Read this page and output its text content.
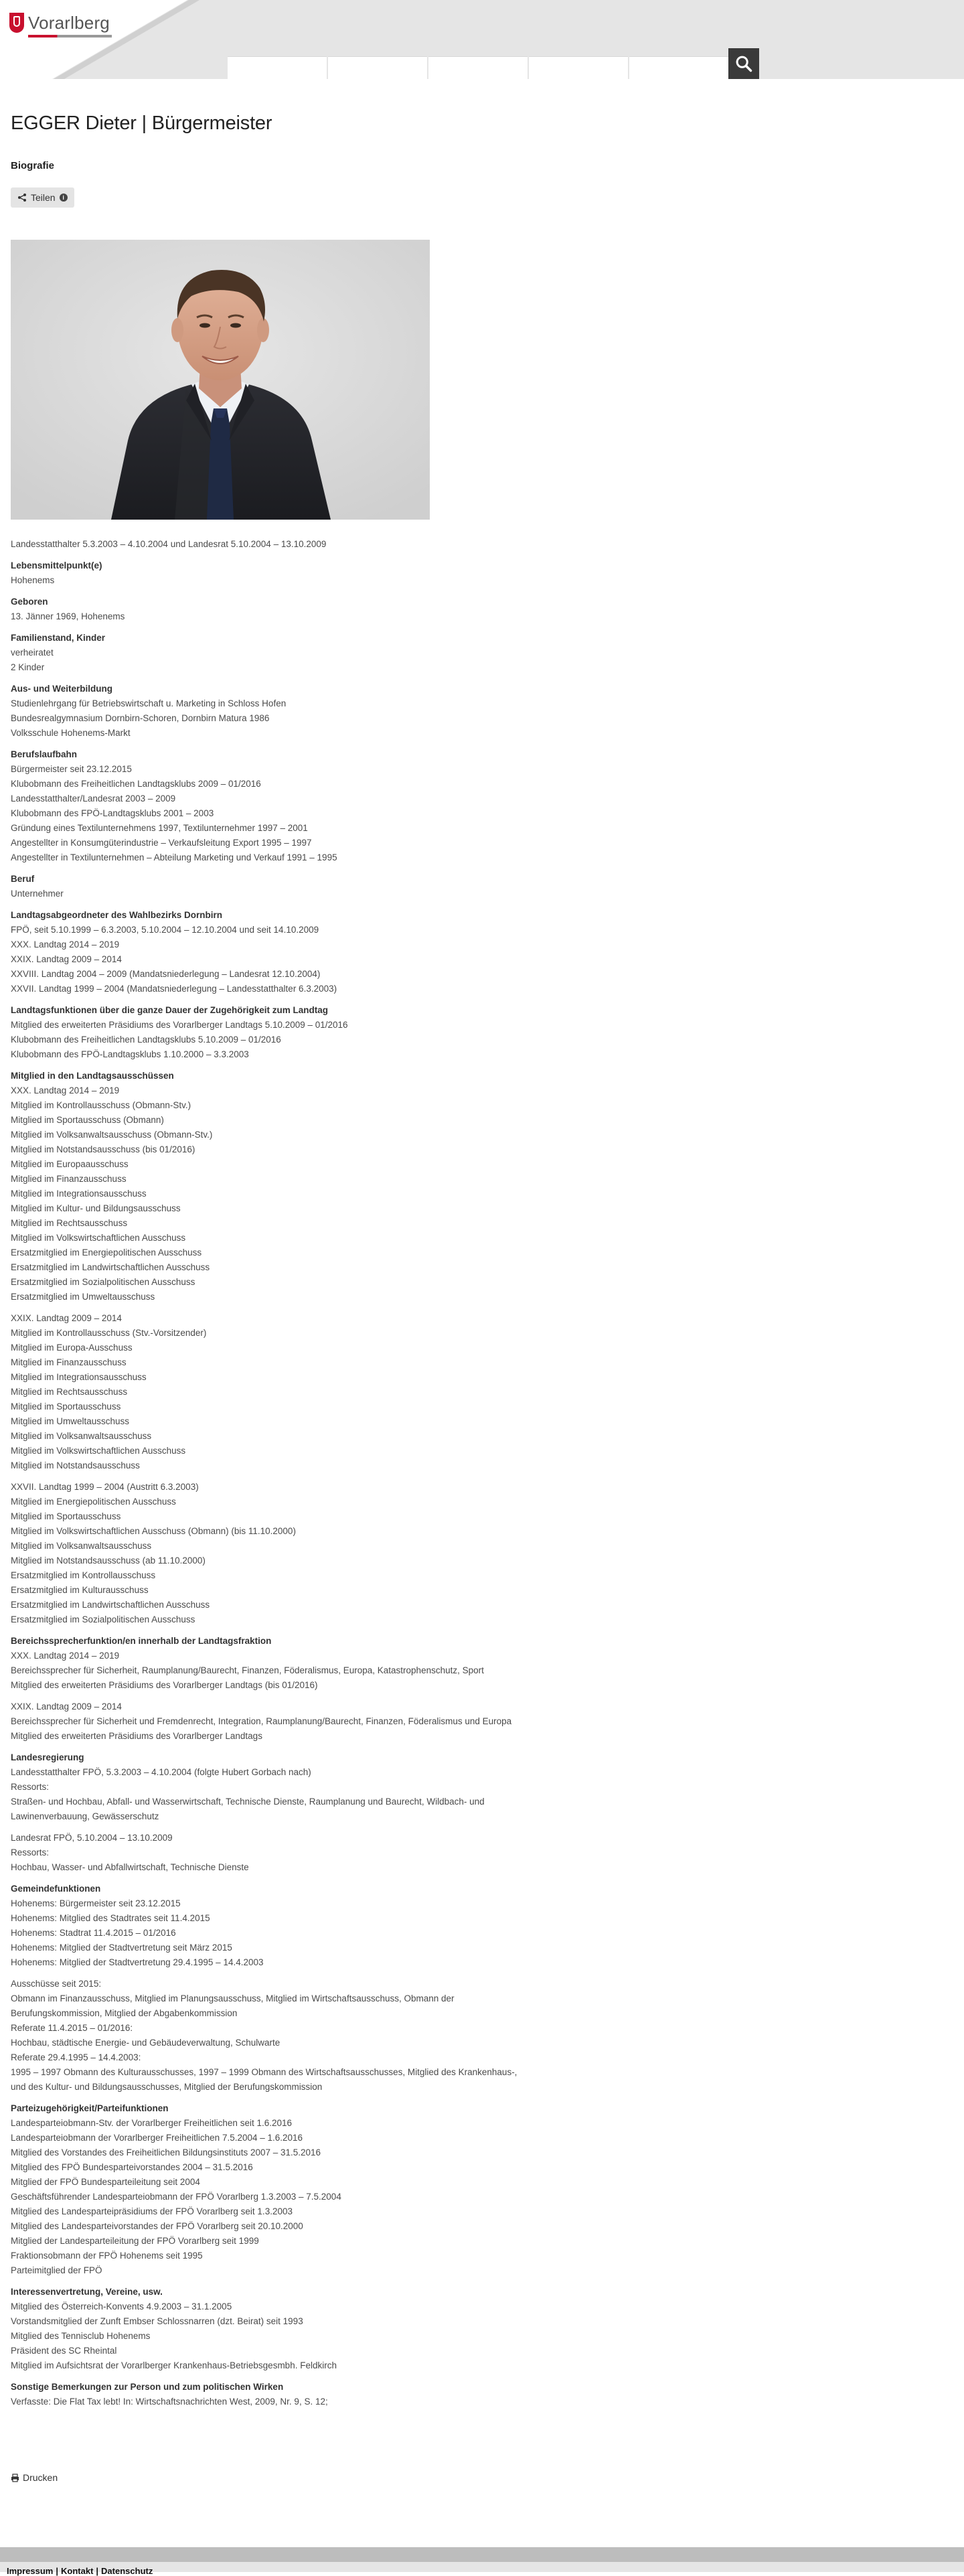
Vorarlberg
EGGER Dieter | Bürgermeister
Biografie
Teilen	i

Landesstatthalter 5.3.2003 – 4.10.2004 und Landesrat 5.10.2004 – 13.10.2009

Lebensmittelpunkt(e)
Hohenems
Geboren
13. Jänner 1969, Hohenems
Familienstand, Kinder
verheiratet
2 Kinder
Aus- und Weiterbildung
Studienlehrgang für Betriebswirtschaft u. Marketing in Schloss Hofen
Bundesrealgymnasium Dornbirn-Schoren, Dornbirn Matura 1986
Volksschule Hohenems-Markt
Berufslaufbahn
Bürgermeister seit 23.12.2015
Klubobmann des Freiheitlichen Landtagsklubs 2009 – 01/2016
Landesstatthalter/Landesrat 2003 – 2009
Klubobmann des FPÖ-Landtagsklubs 2001 – 2003
Gründung eines Textilunternehmens 1997, Textilunternehmer 1997 – 2001
Angestellter in Konsumgüterindustrie – Verkaufsleitung Export 1995 – 1997
Angestellter in Textilunternehmen – Abteilung Marketing und Verkauf 1991 – 1995
Beruf
Unternehmer
Landtagsabgeordneter des Wahlbezirks Dornbirn
FPÖ, seit 5.10.1999 – 6.3.2003, 5.10.2004 – 12.10.2004 und seit 14.10.2009
XXX. Landtag 2014 – 2019
XXIX. Landtag 2009 – 2014
XXVIII. Landtag 2004 – 2009 (Mandatsniederlegung – Landesrat 12.10.2004)
XXVII. Landtag 1999 – 2004 (Mandatsniederlegung – Landesstatthalter 6.3.2003)
Landtagsfunktionen über die ganze Dauer der Zugehörigkeit zum Landtag
Mitglied des erweiterten Präsidiums des Vorarlberger Landtags 5.10.2009 – 01/2016
Klubobmann des Freiheitlichen Landtagsklubs 5.10.2009 – 01/2016
Klubobmann des FPÖ-Landtagsklubs 1.10.2000 – 3.3.2003
Mitglied in den Landtagsausschüssen
XXX. Landtag 2014 – 2019
Mitglied im Kontrollausschuss (Obmann-Stv.)
Mitglied im Sportausschuss (Obmann)
Mitglied im Volksanwaltsausschuss (Obmann-Stv.)
Mitglied im Notstandsausschuss (bis 01/2016)
Mitglied im Europaausschuss
Mitglied im Finanzausschuss
Mitglied im Integrationsausschuss
Mitglied im Kultur- und Bildungsausschuss
Mitglied im Rechtsausschuss
Mitglied im Volkswirtschaftlichen Ausschuss
Ersatzmitglied im Energiepolitischen Ausschuss
Ersatzmitglied im Landwirtschaftlichen Ausschuss
Ersatzmitglied im Sozialpolitischen Ausschuss
Ersatzmitglied im Umweltausschuss
XXIX. Landtag 2009 – 2014
Mitglied im Kontrollausschuss (Stv.-Vorsitzender)
Mitglied im Europa-Ausschuss
Mitglied im Finanzausschuss
Mitglied im Integrationsausschuss
Mitglied im Rechtsausschuss
Mitglied im Sportausschuss
Mitglied im Umweltausschuss
Mitglied im Volksanwaltsausschuss
Mitglied im Volkswirtschaftlichen Ausschuss
Mitglied im Notstandsausschuss
XXVII. Landtag 1999 – 2004 (Austritt 6.3.2003)
Mitglied im Energiepolitischen Ausschuss
Mitglied im Sportausschuss
Mitglied im Volkswirtschaftlichen Ausschuss (Obmann) (bis 11.10.2000)
Mitglied im Volksanwaltsausschuss
Mitglied im Notstandsausschuss (ab 11.10.2000)
Ersatzmitglied im Kontrollausschuss
Ersatzmitglied im Kulturausschuss
Ersatzmitglied im Landwirtschaftlichen Ausschuss
Ersatzmitglied im Sozialpolitischen Ausschuss
Bereichssprecherfunktion/en innerhalb der Landtagsfraktion
XXX. Landtag 2014 – 2019
Bereichssprecher für Sicherheit, Raumplanung/Baurecht, Finanzen, Föderalismus, Europa, Katastrophenschutz, Sport
Mitglied des erweiterten Präsidiums des Vorarlberger Landtags (bis 01/2016)
XXIX. Landtag 2009 – 2014
Bereichssprecher für Sicherheit und Fremdenrecht, Integration, Raumplanung/Baurecht, Finanzen, Föderalismus und Europa
Mitglied des erweiterten Präsidiums des Vorarlberger Landtags
Landesregierung
Landesstatthalter FPÖ, 5.3.2003 – 4.10.2004 (folgte Hubert Gorbach nach)
Ressorts:
Straßen- und Hochbau, Abfall- und Wasserwirtschaft, Technische Dienste, Raumplanung und Baurecht, Wildbach- und
Lawinenverbauung, Gewässerschutz
Landesrat FPÖ, 5.10.2004 – 13.10.2009
Ressorts:
Hochbau, Wasser- und Abfallwirtschaft, Technische Dienste
Gemeindefunktionen
Hohenems: Bürgermeister seit 23.12.2015
Hohenems: Mitglied des Stadtrates seit 11.4.2015
Hohenems: Stadtrat 11.4.2015 – 01/2016
Hohenems: Mitglied der Stadtvertretung seit März 2015
Hohenems: Mitglied der Stadtvertretung 29.4.1995 – 14.4.2003
Ausschüsse seit 2015:
Obmann im Finanzausschuss, Mitglied im Planungsausschuss, Mitglied im Wirtschaftsausschuss, Obmann der
Berufungskommission, Mitglied der Abgabenkommission
Referate 11.4.2015 – 01/2016:
Hochbau, städtische Energie- und Gebäudeverwaltung, Schulwarte
Referate 29.4.1995 – 14.4.2003:
1995 – 1997 Obmann des Kulturausschusses, 1997 – 1999 Obmann des Wirtschaftsausschusses, Mitglied des Krankenhaus-,
und des Kultur- und Bildungsausschusses, Mitglied der Berufungskommission
Parteizugehörigkeit/Parteifunktionen
Landesparteiobmann-Stv. der Vorarlberger Freiheitlichen seit 1.6.2016
Landesparteiobmann der Vorarlberger Freiheitlichen 7.5.2004 – 1.6.2016
Mitglied des Vorstandes des Freiheitlichen Bildungsinstituts 2007 – 31.5.2016
Mitglied des FPÖ Bundesparteivorstandes 2004 – 31.5.2016
Mitglied der FPÖ Bundesparteileitung seit 2004
Geschäftsführender Landesparteiobmann der FPÖ Vorarlberg 1.3.2003 – 7.5.2004
Mitglied des Landesparteipräsidiums der FPÖ Vorarlberg seit 1.3.2003
Mitglied des Landesparteivorstandes der FPÖ Vorarlberg seit 20.10.2000
Mitglied der Landesparteileitung der FPÖ Vorarlberg seit 1999
Fraktionsobmann der FPÖ Hohenems seit 1995
Parteimitglied der FPÖ
Interessenvertretung, Vereine, usw.
Mitglied des Österreich-Konvents 4.9.2003 – 31.1.2005
Vorstandsmitglied der Zunft Embser Schlossnarren (dzt. Beirat) seit 1993
Mitglied des Tennisclub Hohenems
Präsident des SC Rheintal
Mitglied im Aufsichtsrat der Vorarlberger Krankenhaus-Betriebsgesmbh. Feldkirch
Sonstige Bemerkungen zur Person und zum politischen Wirken
Verfasste: Die Flat Tax lebt! In: Wirtschaftsnachrichten West, 2009, Nr. 9, S. 12;
Drucken
Impressum | Kontakt | Datenschutz
